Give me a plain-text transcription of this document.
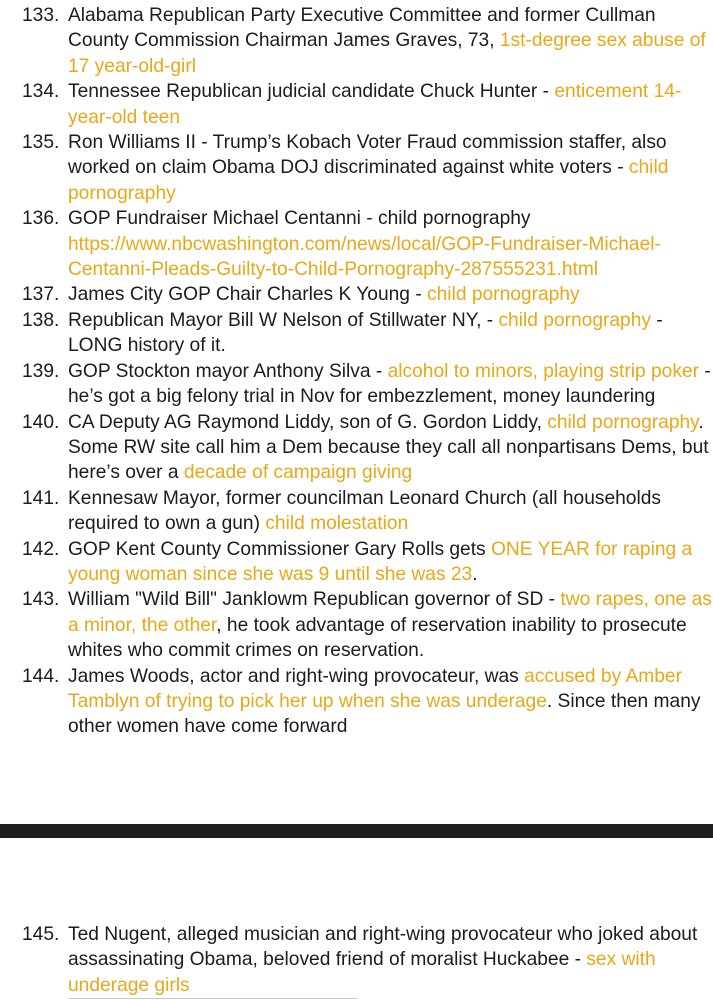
133. Alabama Republican Party Executive Committee and former Cullman County Commission Chairman James Graves, 73, 1st-degree sex abuse of 17 year-old-girl
134. Tennessee Republican judicial candidate Chuck Hunter - enticement 14-year-old teen
135. Ron Williams II - Trump’s Kobach Voter Fraud commission staffer, also worked on claim Obama DOJ discriminated against white voters - child pornography
136. GOP Fundraiser Michael Centanni - child pornography https://www.nbcwashington.com/news/local/GOP-Fundraiser-Michael-Centanni-Pleads-Guilty-to-Child-Pornography-287555231.html
137. James City GOP Chair Charles K Young - child pornography
138. Republican Mayor Bill W Nelson of Stillwater NY, - child pornography - LONG history of it.
139. GOP Stockton mayor Anthony Silva - alcohol to minors, playing strip poker - he’s got a big felony trial in Nov for embezzlement, money laundering
140. CA Deputy AG Raymond Liddy, son of G. Gordon Liddy, child pornography. Some RW site call him a Dem because they call all nonpartisans Dems, but here’s over a decade of campaign giving
141. Kennesaw Mayor, former councilman Leonard Church (all households required to own a gun) child molestation
142. GOP Kent County Commissioner Gary Rolls gets ONE YEAR for raping a young woman since she was 9 until she was 23.
143. William "Wild Bill" Janklowm Republican governor of SD - two rapes, one as a minor, the other, he took advantage of reservation inability to prosecute whites who commit crimes on reservation.
144. James Woods, actor and right-wing provocateur, was accused by Amber Tamblyn of trying to pick her up when she was underage. Since then many other women have come forward
145. Ted Nugent, alleged musician and right-wing provocateur who joked about assassinating Obama, beloved friend of moralist Huckabee - sex with underage girls
